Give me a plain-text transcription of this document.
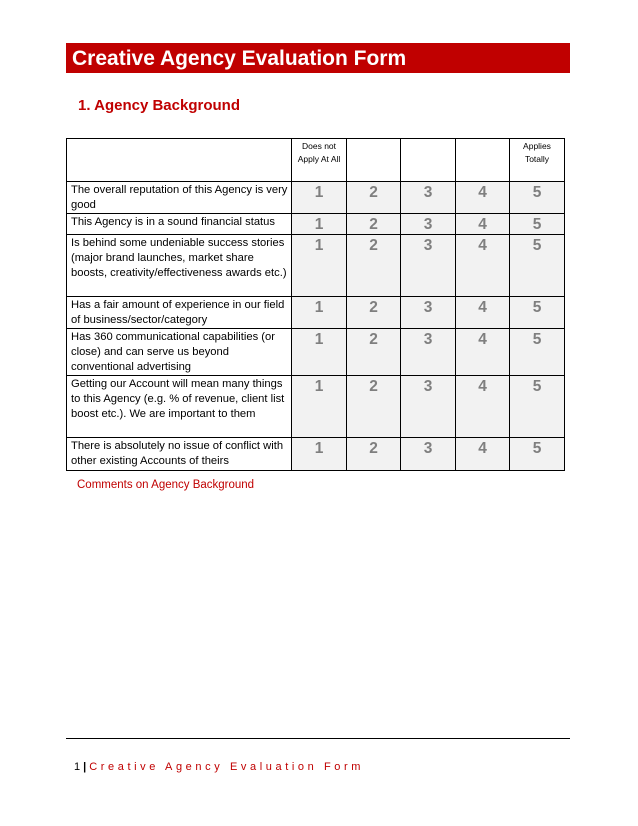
Creative Agency Evaluation Form
1. Agency Background
	Does not Apply At All				Applies Totally
The overall reputation of this Agency is very good	1	2	3	4	5
This Agency is in a sound financial status	1	2	3	4	5
Is behind some undeniable success stories (major brand launches, market share boosts, creativity/effectiveness awards etc.)	1	2	3	4	5
Has a fair amount of experience in our field of business/sector/category	1	2	3	4	5
Has 360 communicational capabilities (or close) and can serve us beyond conventional advertising	1	2	3	4	5
Getting our Account will mean many things to this Agency (e.g. % of revenue, client list boost etc.). We are important to them	1	2	3	4	5
There is absolutely no issue of conflict with other existing Accounts of theirs	1	2	3	4	5
Comments on Agency Background
1 | Creative Agency Evaluation Form
